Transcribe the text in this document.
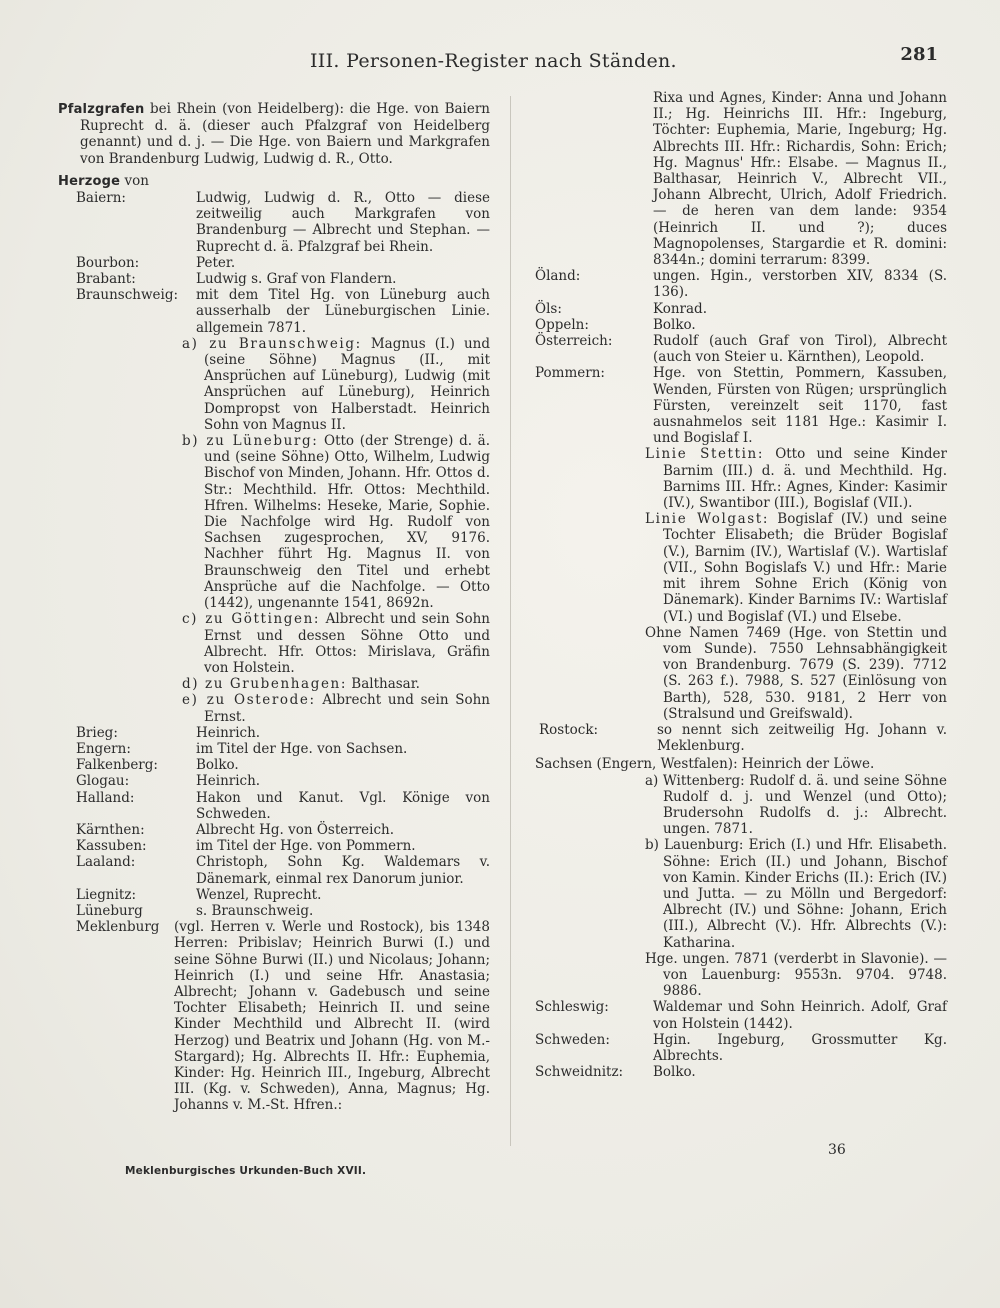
III. Personen-Register nach Ständen.	281

Pfalzgrafen bei Rhein (von Heidelberg): die Hge. von Baiern Ruprecht d. ä. (dieser auch Pfalzgraf von Heidelberg genannt) und d. j. — Die Hge. von Baiern und Markgrafen von Brandenburg Ludwig, Ludwig d. R., Otto.

Herzoge von

Baiern:	Ludwig, Ludwig d. R., Otto — diese zeitweilig auch Markgrafen von Brandenburg — Albrecht und Stephan. — Ruprecht d. ä. Pfalzgraf bei Rhein.
Bourbon:	Peter.
Brabant:	Ludwig s. Graf von Flandern.
Braunschweig:	mit dem Titel Hg. von Lüneburg auch ausserhalb der Lüneburgischen Linie. allgemein 7871.

a) zu Braunschweig: Magnus (I.) und (seine Söhne) Magnus (II., mit Ansprüchen auf Lüneburg), Ludwig (mit Ansprüchen auf Lüneburg), Heinrich Dompropst von Halberstadt. Heinrich Sohn von Magnus II.

b) zu Lüneburg: Otto (der Strenge) d. ä. und (seine Söhne) Otto, Wilhelm, Ludwig Bischof von Minden, Johann. Hfr. Ottos d. Str.: Mechthild. Hfr. Ottos: Mechthild. Hfren. Wilhelms: Heseke, Marie, Sophie. Die Nachfolge wird Hg. Rudolf von Sachsen zugesprochen, XV, 9176. Nachher führt Hg. Magnus II. von Braunschweig den Titel und erhebt Ansprüche auf die Nachfolge. — Otto (1442), ungenannte 1541, 8692n.

c) zu Göttingen: Albrecht und sein Sohn Ernst und dessen Söhne Otto und Albrecht. Hfr. Ottos: Mirislava, Gräfin von Holstein.

d) zu Grubenhagen: Balthasar.

e) zu Osterode: Albrecht und sein Sohn Ernst.

Brieg:	Heinrich.
Engern:	im Titel der Hge. von Sachsen.
Falkenberg:	Bolko.
Glogau:	Heinrich.
Halland:	Hakon und Kanut. Vgl. Könige von Schweden.
Kärnthen:	Albrecht Hg. von Österreich.
Kassuben:	im Titel der Hge. von Pommern.
Laaland:	Christoph, Sohn Kg. Waldemars v. Dänemark, einmal rex Danorum junior.
Liegnitz:	Wenzel, Ruprecht.
Lüneburg	s. Braunschweig.
Meklenburg	(vgl. Herren v. Werle und Rostock), bis 1348 Herren: Pribislav; Heinrich Burwi (I.) und seine Söhne Burwi (II.) und Nicolaus; Johann; Heinrich (I.) und seine Hfr. Anastasia; Albrecht; Johann v. Gadebusch und seine Tochter Elisabeth; Heinrich II. und seine Kinder Mechthild und Albrecht II. (wird Herzog) und Beatrix und Johann (Hg. von M.-Stargard); Hg. Albrechts II. Hfr.: Euphemia, Kinder: Hg. Heinrich III., Ingeburg, Albrecht III. (Kg. v. Schweden), Anna, Magnus; Hg. Johanns v. M.-St. Hfren.:

Rixa und Agnes, Kinder: Anna und Johann II.; Hg. Heinrichs III. Hfr.: Ingeburg, Töchter: Euphemia, Marie, Ingeburg; Hg. Albrechts III. Hfr.: Richardis, Sohn: Erich; Hg. Magnus' Hfr.: Elsabe. — Magnus II., Balthasar, Heinrich V., Albrecht VII., Johann Albrecht, Ulrich, Adolf Friedrich. — de heren van dem lande: 9354 (Heinrich II. und ?); duces Magnopolenses, Stargardie et R. domini: 8344n.; domini terrarum: 8399.

Öland:	ungen. Hgin., verstorben XIV, 8334 (S. 136).
Öls:	Konrad.
Oppeln:	Bolko.
Österreich:	Rudolf (auch Graf von Tirol), Albrecht (auch von Steier u. Kärnthen), Leopold.
Pommern:	Hge. von Stettin, Pommern, Kassuben, Wenden, Fürsten von Rügen; ursprünglich Fürsten, vereinzelt seit 1170, fast ausnahmelos seit 1181 Hge.: Kasimir I. und Bogislaf I.

Linie Stettin: Otto und seine Kinder Barnim (III.) d. ä. und Mechthild. Hg. Barnims III. Hfr.: Agnes, Kinder: Kasimir (IV.), Swantibor (III.), Bogislaf (VII.).

Linie Wolgast: Bogislaf (IV.) und seine Tochter Elisabeth; die Brüder Bogislaf (V.), Barnim (IV.), Wartislaf (V.). Wartislaf (VII., Sohn Bogislafs V.) und Hfr.: Marie mit ihrem Sohne Erich (König von Dänemark). Kinder Barnims IV.: Wartislaf (VI.) und Bogislaf (VI.) und Elsebe.

Ohne Namen 7469 (Hge. von Stettin und vom Sunde). 7550 Lehnsabhängigkeit von Brandenburg. 7679 (S. 239). 7712 (S. 263 f.). 7988, S. 527 (Einlösung von Barth), 528, 530. 9181, 2 Herr von (Stralsund und Greifswald).

Rostock:	so nennt sich zeitweilig Hg. Johann v. Meklenburg.

Sachsen (Engern, Westfalen): Heinrich der Löwe.

a) Wittenberg: Rudolf d. ä. und seine Söhne Rudolf d. j. und Wenzel (und Otto); Brudersohn Rudolfs d. j.: Albrecht. ungen. 7871.

b) Lauenburg: Erich (I.) und Hfr. Elisabeth. Söhne: Erich (II.) und Johann, Bischof von Kamin. Kinder Erichs (II.): Erich (IV.) und Jutta. — zu Mölln und Bergedorf: Albrecht (IV.) und Söhne: Johann, Erich (III.), Albrecht (V.). Hfr. Albrechts (V.): Katharina.

Hge. ungen. 7871 (verderbt in Slavonie). — von Lauenburg: 9553n. 9704. 9748. 9886.

Schleswig:	Waldemar und Sohn Heinrich. Adolf, Graf von Holstein (1442).
Schweden:	Hgin. Ingeburg, Grossmutter Kg. Albrechts.
Schweidnitz:	Bolko.
36
Meklenburgisches Urkunden-Buch XVII.
